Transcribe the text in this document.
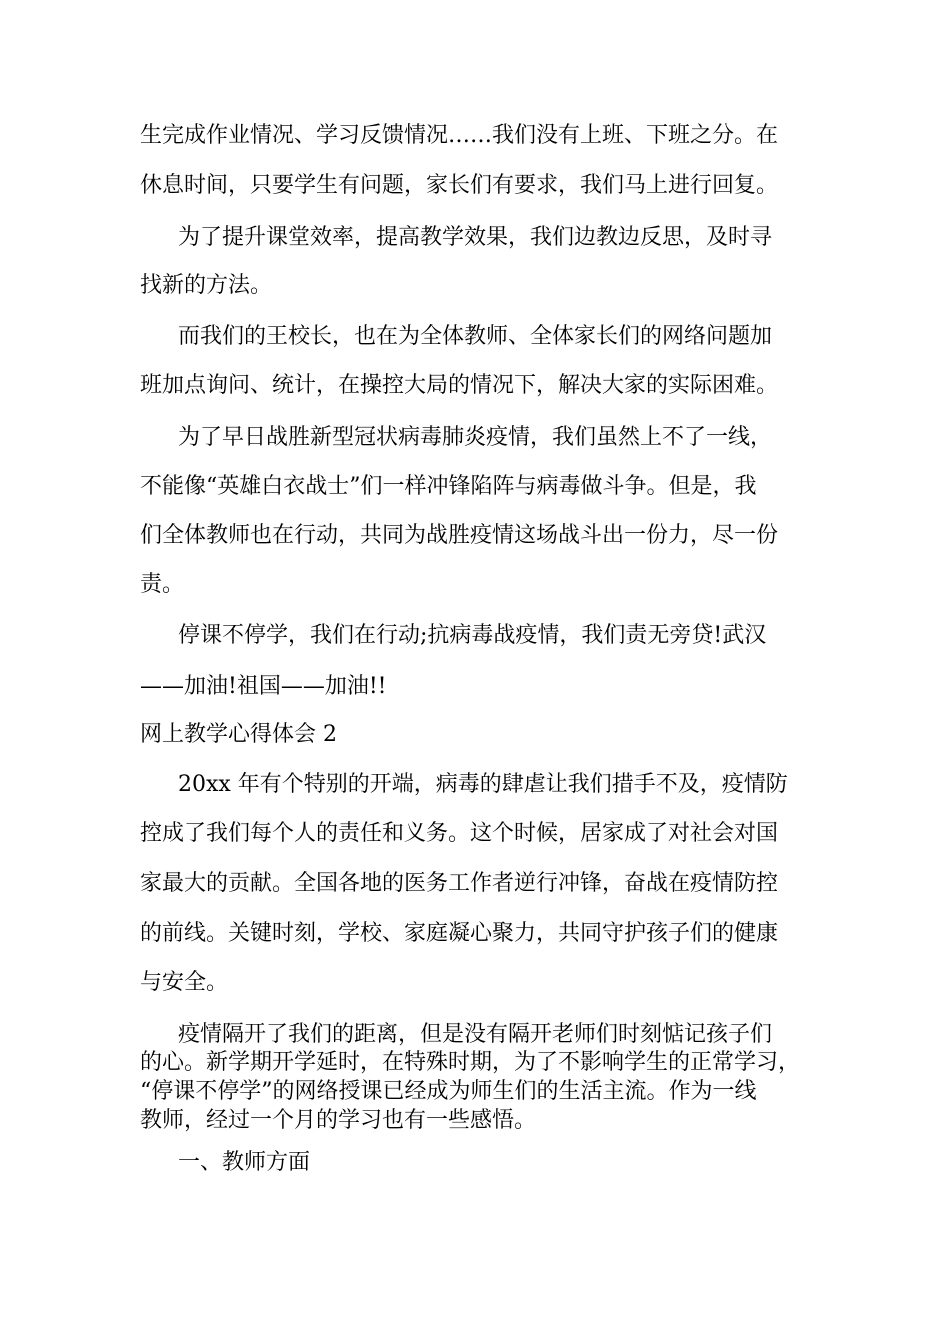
生完成作业情况、学习反馈情况……我们没有上班、下班之分。在
休息时间，只要学生有问题，家长们有要求，我们马上进行回复。
为了提升课堂效率，提高教学效果，我们边教边反思，及时寻
找新的方法。
而我们的王校长，也在为全体教师、全体家长们的网络问题加
班加点询问、统计，在操控大局的情况下，解决大家的实际困难。
为了早日战胜新型冠状病毒肺炎疫情，我们虽然上不了一线，
不能像“英雄白衣战士”们一样冲锋陷阵与病毒做斗争。但是，我
们全体教师也在行动，共同为战胜疫情这场战斗出一份力，尽一份
责。
停课不停学，我们在行动;抗病毒战疫情，我们责无旁贷!武汉
——加油!祖国——加油!!
网上教学心得体会 2
20xx 年有个特别的开端，病毒的肆虐让我们措手不及，疫情防
控成了我们每个人的责任和义务。这个时候，居家成了对社会对国
家最大的贡献。全国各地的医务工作者逆行冲锋，奋战在疫情防控
的前线。关键时刻，学校、家庭凝心聚力，共同守护孩子们的健康
与安全。
疫情隔开了我们的距离，但是没有隔开老师们时刻惦记孩子们
的心。新学期开学延时，在特殊时期，为了不影响学生的正常学习，
“停课不停学”的网络授课已经成为师生们的生活主流。作为一线
教师，经过一个月的学习也有一些感悟。
一、教师方面
